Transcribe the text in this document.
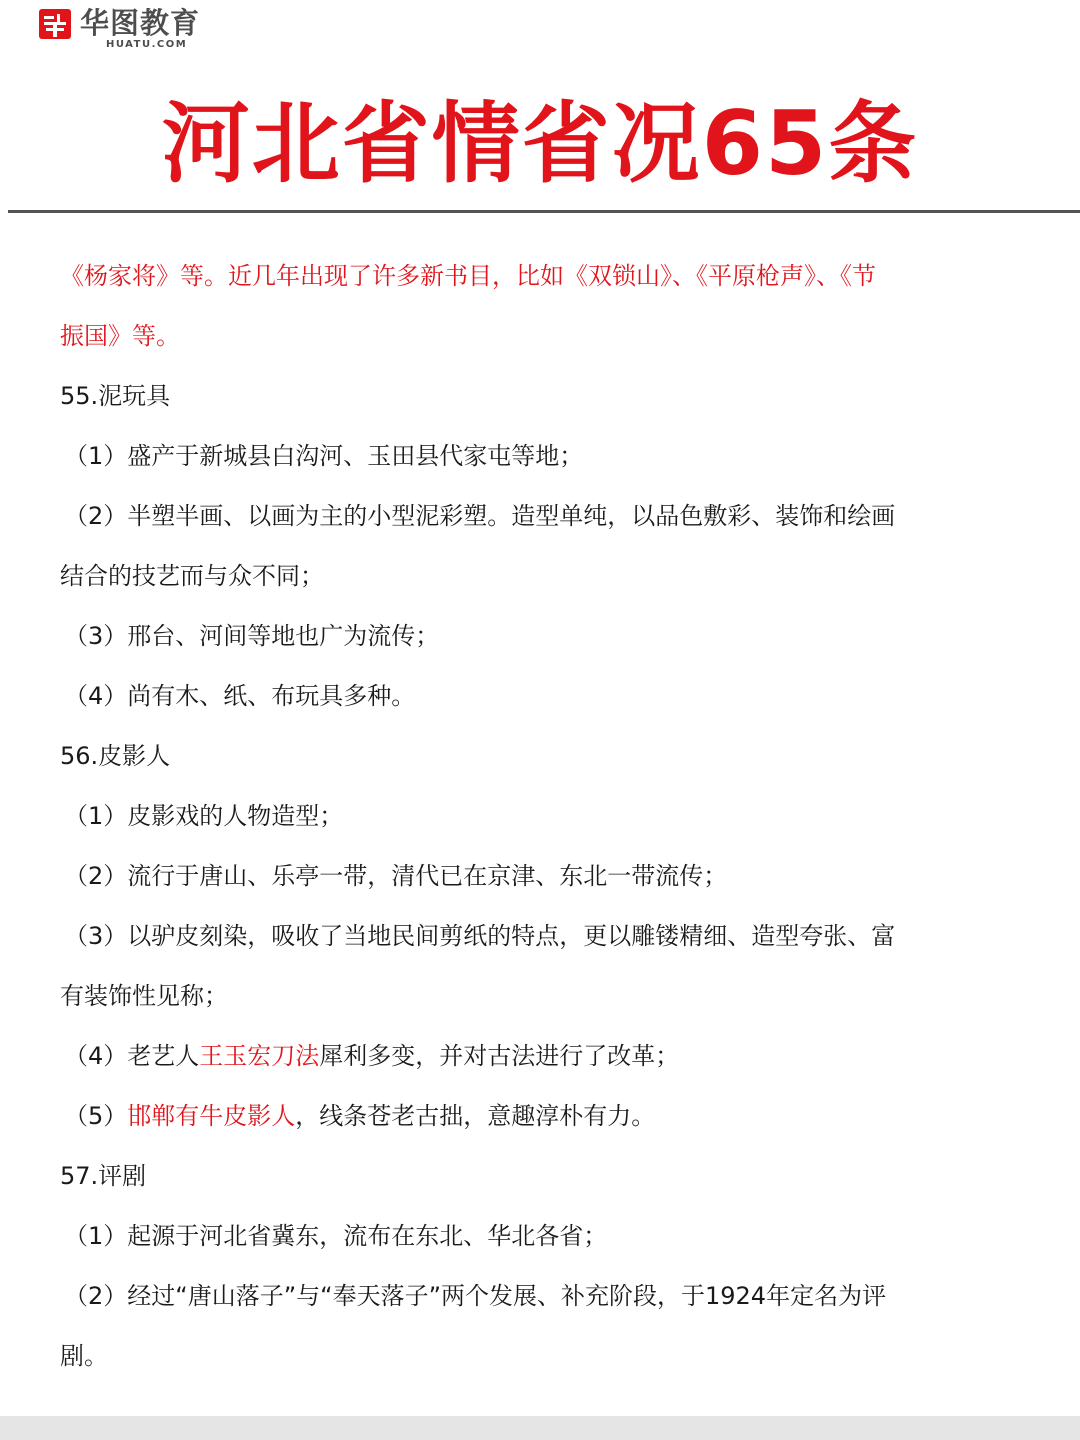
华图教育
HUATU.COM
河北省情省况65条
《杨家将》等。近几年出现了许多新书目，比如《双锁山》、《平原枪声》、《节
振国》等。
55.泥玩具
（1）盛产于新城县白沟河、玉田县代家屯等地；
（2）半塑半画、以画为主的小型泥彩塑。造型单纯，以品色敷彩、装饰和绘画
结合的技艺而与众不同；
（3）邢台、河间等地也广为流传；
（4）尚有木、纸、布玩具多种。
56.皮影人
（1）皮影戏的人物造型；
（2）流行于唐山、乐亭一带，清代已在京津、东北一带流传；
（3）以驴皮刻染，吸收了当地民间剪纸的特点，更以雕镂精细、造型夸张、富
有装饰性见称；
（4）老艺人王玉宏刀法犀利多变，并对古法进行了改革；
（5）邯郸有牛皮影人，线条苍老古拙，意趣淳朴有力。
57.评剧
（1）起源于河北省冀东，流布在东北、华北各省；
（2）经过“唐山落子”与“奉天落子”两个发展、补充阶段，于1924年定名为评
剧。
